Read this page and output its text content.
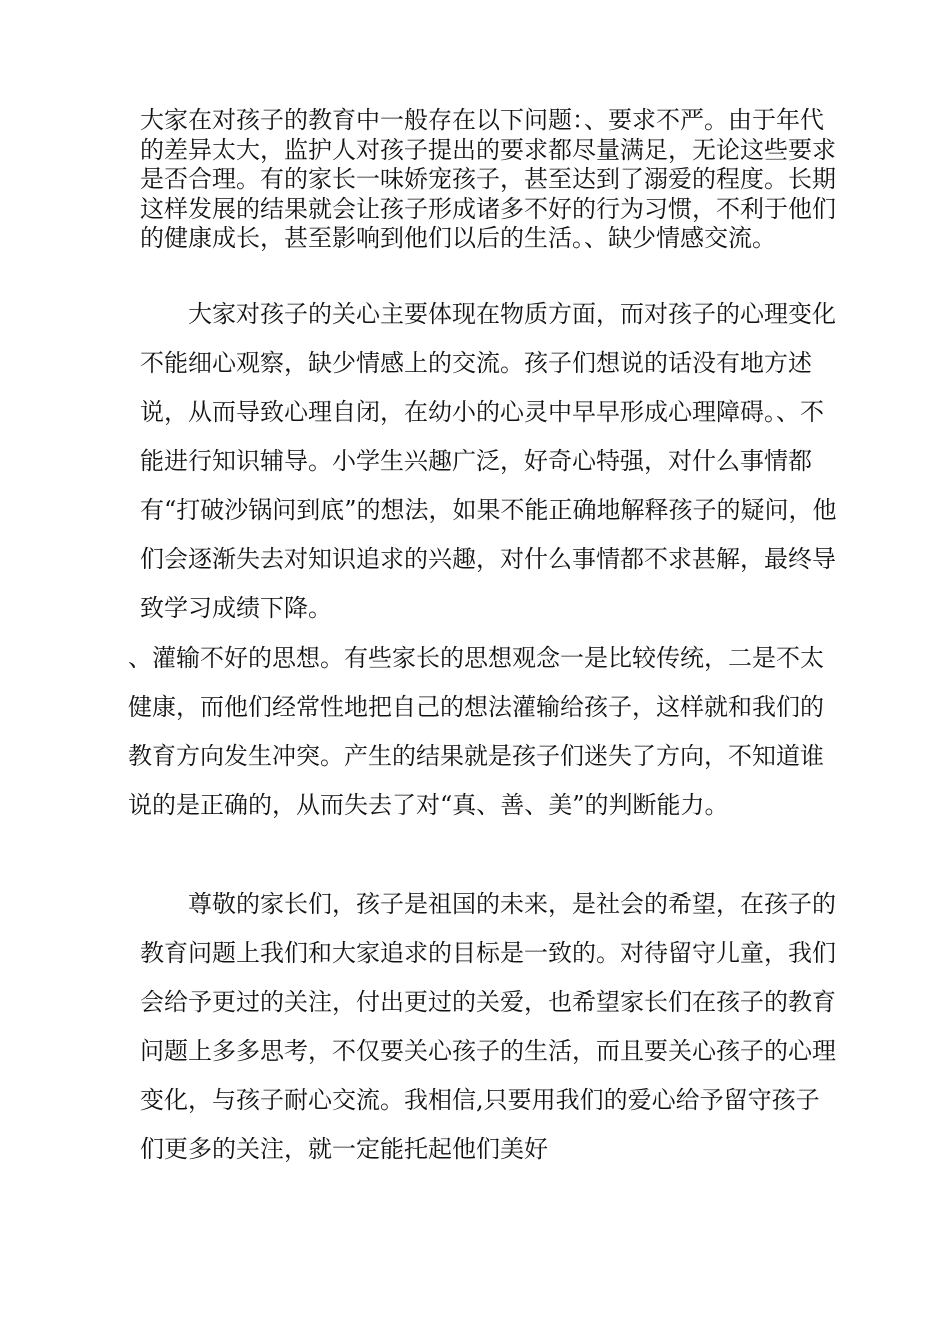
大家在对孩子的教育中一般存在以下问题：、要求不严。由于年代的差异太大，监护人对孩子提出的要求都尽量满足，无论这些要求是否合理。有的家长一味娇宠孩子，甚至达到了溺爱的程度。长期这样发展的结果就会让孩子形成诸多不好的行为习惯，不利于他们的健康成长，甚至影响到他们以后的生活。、缺少情感交流。

大家对孩子的关心主要体现在物质方面，而对孩子的心理变化不能细心观察，缺少情感上的交流。孩子们想说的话没有地方述说，从而导致心理自闭，在幼小的心灵中早早形成心理障碍。、不能进行知识辅导。小学生兴趣广泛，好奇心特强，对什么事情都有“打破沙锅问到底”的想法，如果不能正确地解释孩子的疑问，他们会逐渐失去对知识追求的兴趣，对什么事情都不求甚解，最终导致学习成绩下降。

、灌输不好的思想。有些家长的思想观念一是比较传统，二是不太健康，而他们经常性地把自己的想法灌输给孩子，这样就和我们的教育方向发生冲突。产生的结果就是孩子们迷失了方向，不知道谁说的是正确的，从而失去了对“真、善、美”的判断能力。

尊敬的家长们，孩子是祖国的未来，是社会的希望，在孩子的教育问题上我们和大家追求的目标是一致的。对待留守儿童，我们会给予更过的关注，付出更过的关爱，也希望家长们在孩子的教育问题上多多思考，不仅要关心孩子的生活，而且要关心孩子的心理变化，与孩子耐心交流。我相信,只要用我们的爱心给予留守孩子们更多的关注，就一定能托起他们美好
